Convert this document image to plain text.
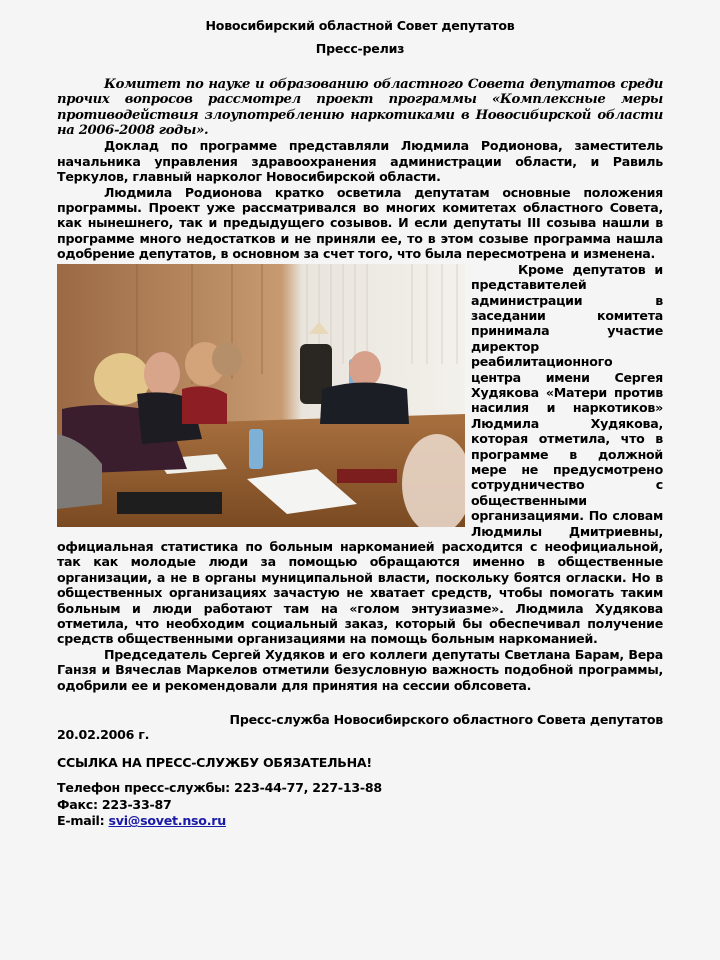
Новосибирский областной Совет депутатов
Пресс-релиз

Комитет по науке и образованию областного Совета депутатов среди прочих вопросов рассмотрел проект программы «Комплексные меры противодействия злоупотреблению наркотиками в Новосибирской области на 2006-2008 годы».

Доклад по программе представляли Людмила Родионова, заместитель начальника управления здравоохранения администрации области, и Равиль Теркулов, главный нарколог Новосибирской области.

Людмила Родионова кратко осветила депутатам основные положения программы. Проект уже рассматривался во многих комитетах областного Совета, как нынешнего, так и предыдущего созывов. И если депутаты III созыва нашли в программе много недостатков и не приняли ее, то в этом созыве программа нашла одобрение депутатов, в основном за счет того, что была пересмотрена и изменена.

Кроме депутатов и представителей администрации в заседании комитета принимала участие директор реабилитационного центра имени Сергея Худякова «Матери против насилия и наркотиков» Людмила Худякова, которая отметила, что в программе в должной мере не предусмотрено сотрудничество с общественными организациями. По словам Людмилы Дмитриевны, официальная статистика по больным наркоманией расходится с неофициальной, так как молодые люди за помощью обращаются именно в общественные организации, а не в органы муниципальной власти, поскольку боятся огласки. Но в общественных организациях зачастую не хватает средств, чтобы помогать таким больным и люди работают там на «голом энтузиазме». Людмила Худякова отметила, что необходим социальный заказ, который бы обеспечивал получение средств общественными организациями на помощь больным наркоманией.

Председатель Сергей Худяков и его коллеги депутаты Светлана Барам, Вера Ганзя и Вячеслав Маркелов отметили безусловную важность подобной программы, одобрили ее и рекомендовали для принятия на сессии облсовета.

Пресс-служба Новосибирского областного Совета депутатов
20.02.2006 г.
ССЫЛКА НА ПРЕСС-СЛУЖБУ ОБЯЗАТЕЛЬНА!
Телефон пресс-службы: 223-44-77, 227-13-88
Факс: 223-33-87
E-mail: svi@sovet.nso.ru
